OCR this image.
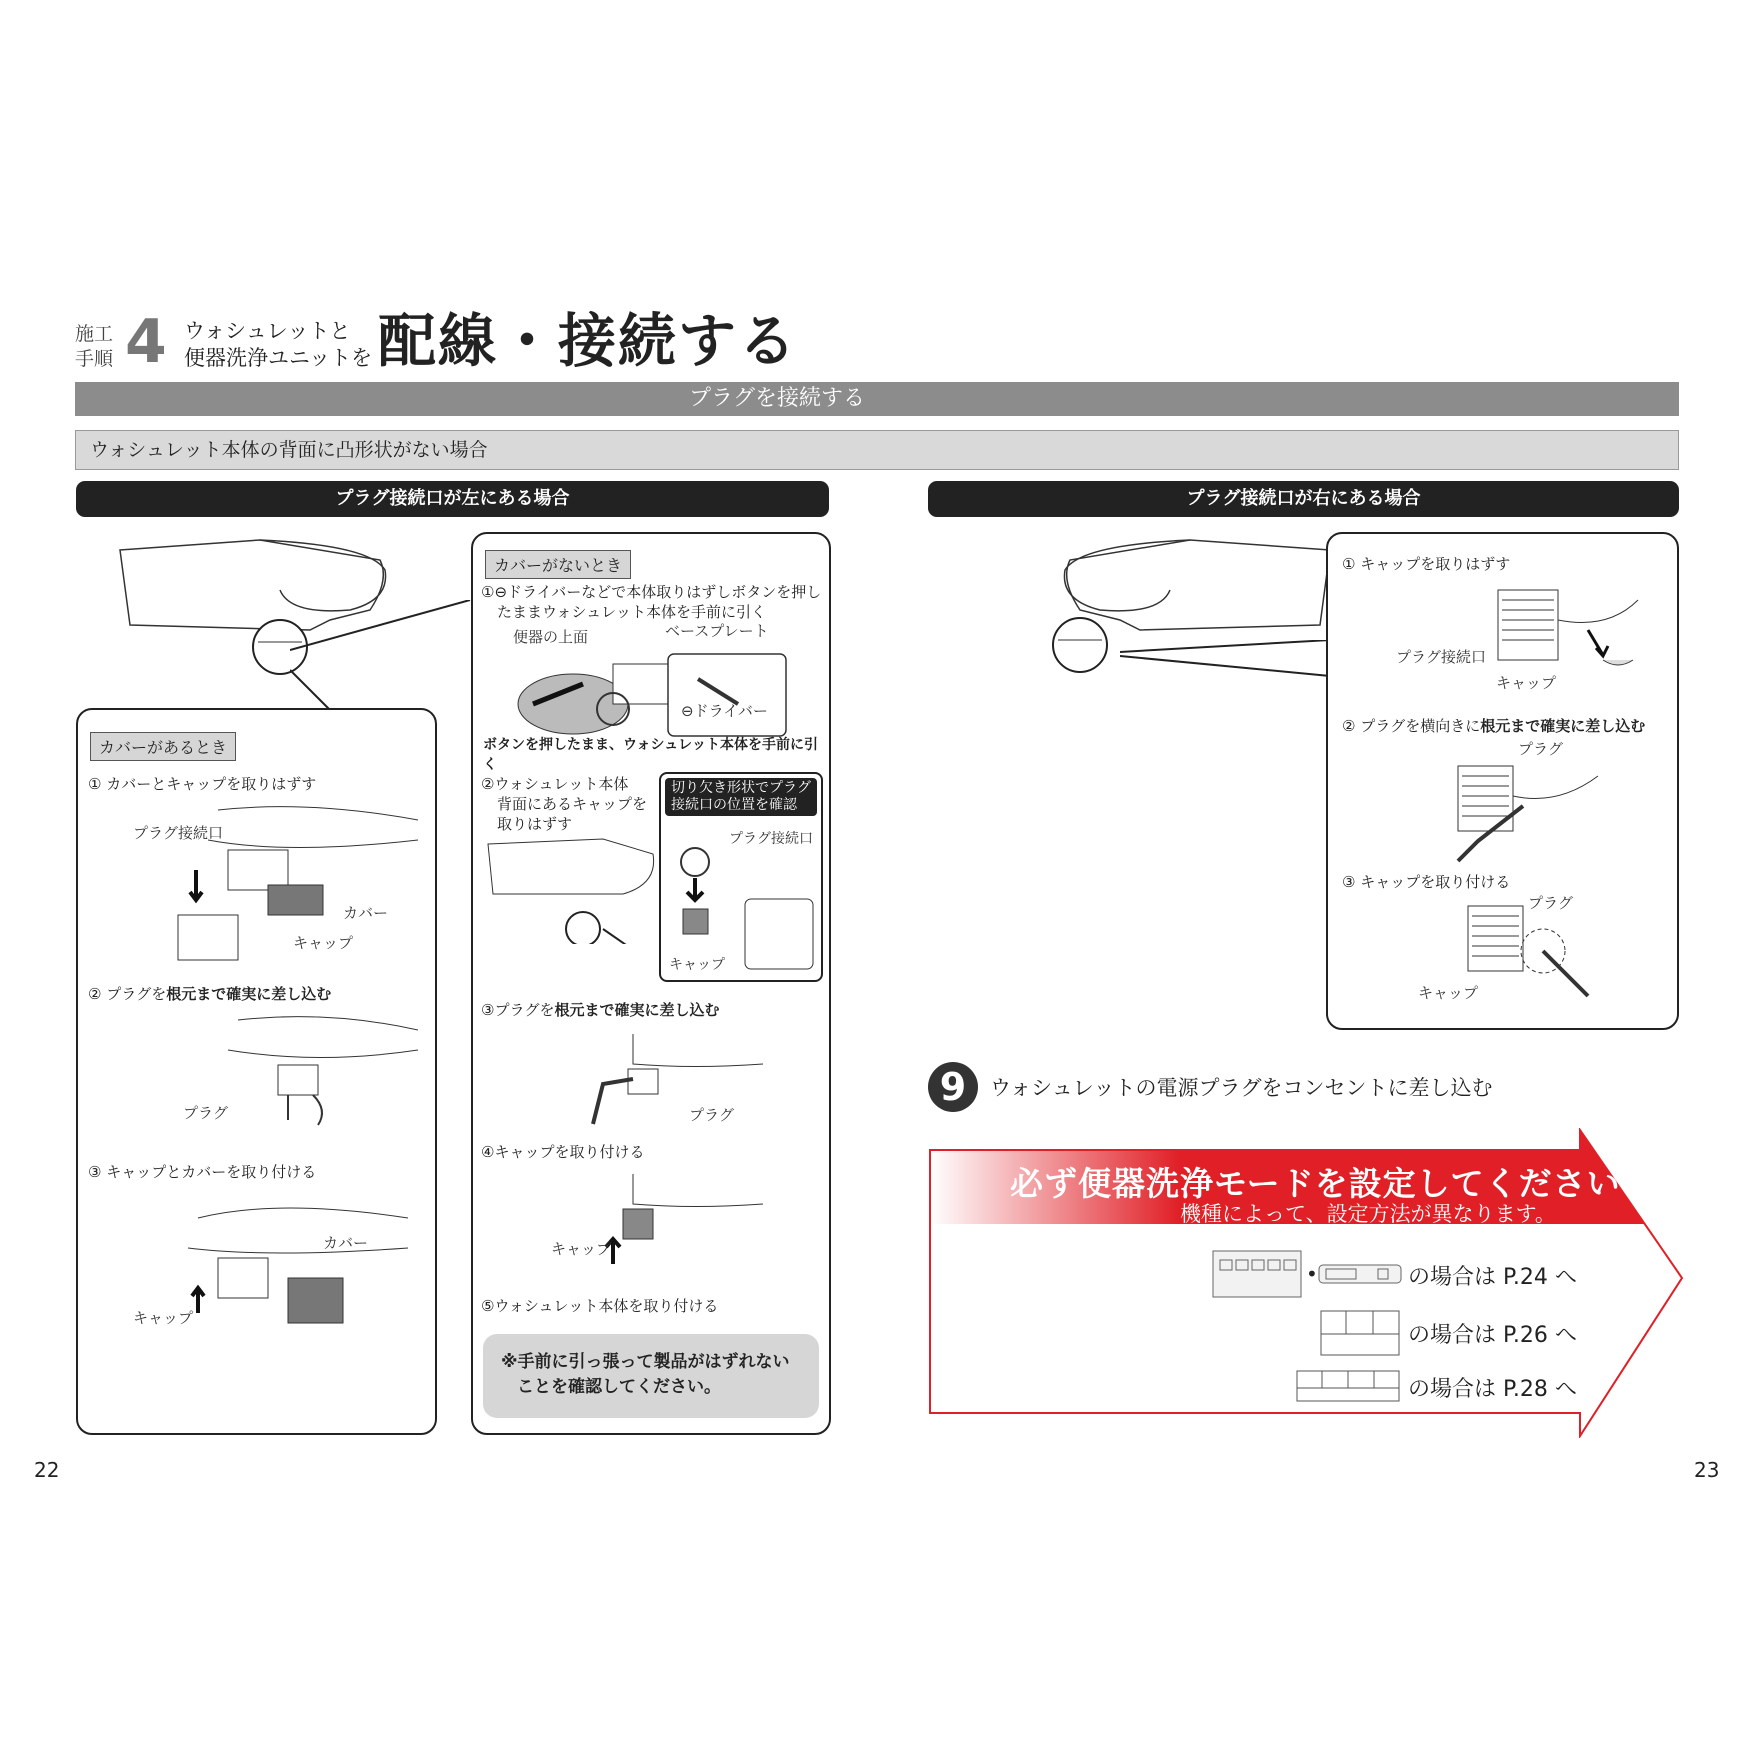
施工
手順 4 ウォシュレットと
便器洗浄ユニットを 配線・接続する
プラグを接続する
ウォシュレット本体の背面に凸形状がない場合
プラグ接続口が左にある場合	プラグ接続口が右にある場合
カバーがあるとき
① カバーとキャップを取りはずす
プラグ接続口
カバー
キャップ
② プラグを根元まで確実に差し込む
プラグ
③ キャップとカバーを取り付ける
カバー
キャップ
カバーがないとき
①⊖ドライバーなどで本体取りはずしボタンを押し
たままウォシュレット本体を手前に引く
便器の上面	ベースプレート
⊖ドライバー
ボタンを押したまま、ウォシュレット本体を手前に引く
②ウォシュレット本体
背面にあるキャップを
取りはずす
切り欠き形状でプラグ
接続口の位置を確認
プラグ接続口
キャップ
③プラグを根元まで確実に差し込む
プラグ
④キャップを取り付ける
キャップ
⑤ウォシュレット本体を取り付ける
※手前に引っ張って製品がはずれない
ことを確認してください。
① キャップを取りはずす
プラグ接続口
キャップ
② プラグを横向きに根元まで確実に差し込む
プラグ
③ キャップを取り付ける
プラグ
キャップ
9	ウォシュレットの電源プラグをコンセントに差し込む
必ず便器洗浄モードを設定してください
機種によって、設定方法が異なります。
•	の場合は P.24 へ
の場合は P.26 へ
の場合は P.28 へ
22	23
